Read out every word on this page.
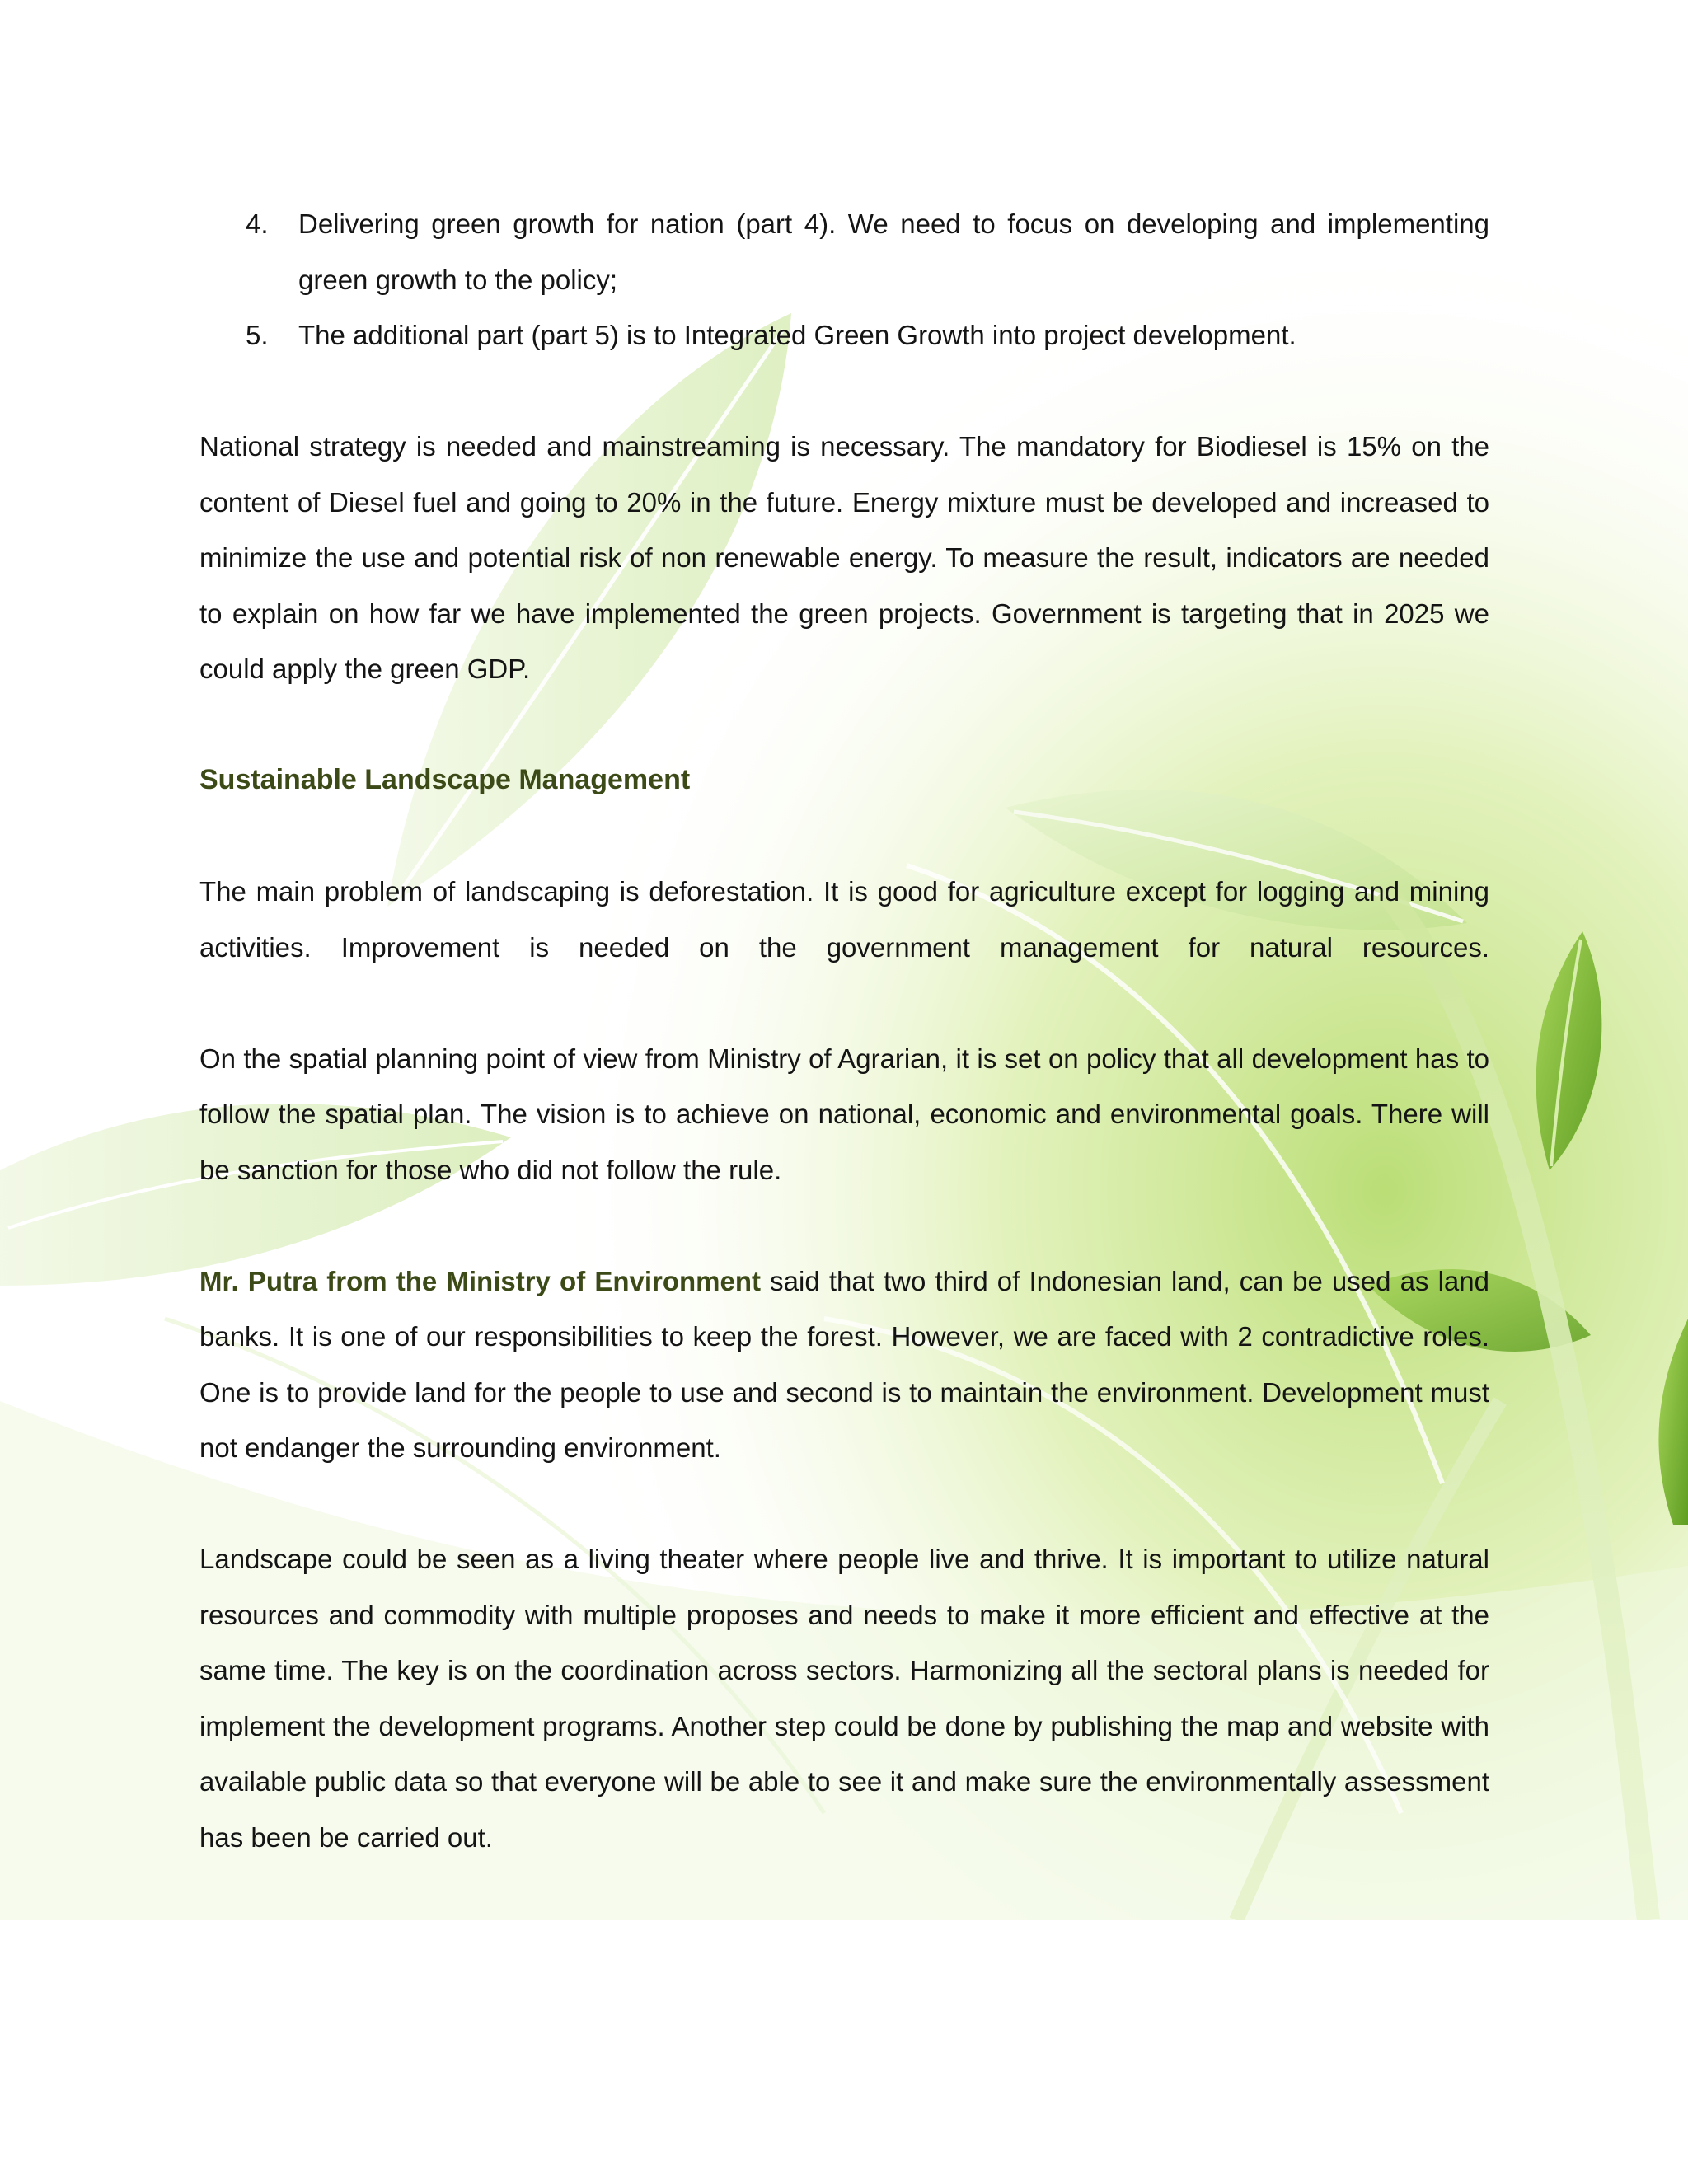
4. Delivering green growth for nation (part 4). We need to focus on developing and implementing green growth to the policy;
5. The additional part (part 5) is to Integrated Green Growth into project development.

National strategy is needed and mainstreaming is necessary. The mandatory for Biodiesel is 15% on the content of Diesel fuel and going to 20% in the future. Energy mixture must be developed and increased to minimize the use and potential risk of non renewable energy. To measure the result, indicators are needed to explain on how far we have implemented the green projects. Government is targeting that in 2025 we could apply the green GDP.

Sustainable Landscape Management

The main problem of landscaping is deforestation. It is good for agriculture except for logging and mining activities. Improvement is needed on the government management for natural resources.

On the spatial planning point of view from Ministry of Agrarian, it is set on policy that all development has to follow the spatial plan. The vision is to achieve on national, economic and environmental goals. There will be sanction for those who did not follow the rule.

Mr. Putra from the Ministry of Environment said that two third of Indonesian land, can be used as land banks. It is one of our responsibilities to keep the forest. However, we are faced with 2 contradictive roles. One is to provide land for the people to use and second is to maintain the environment. Development must not endanger the surrounding environment.

Landscape could be seen as a living theater where people live and thrive. It is important to utilize natural resources and commodity with multiple proposes and needs to make it more efficient and effective at the same time. The key is on the coordination across sectors. Harmonizing all the sectoral plans is needed for implement the development programs. Another step could be done by publishing the map and website with available public data so that everyone will be able to see it and make sure the environmentally assessment has been be carried out.
